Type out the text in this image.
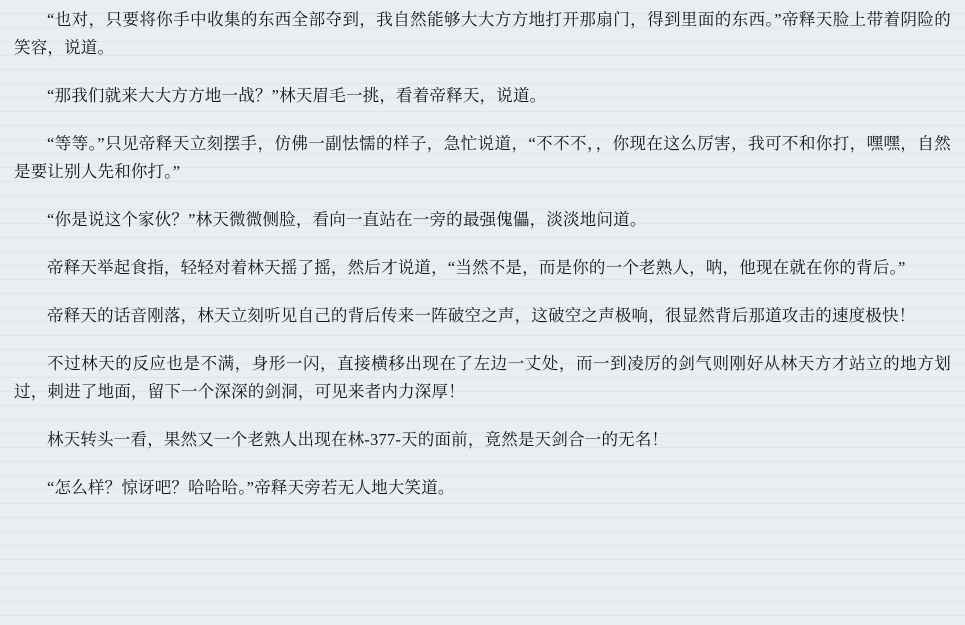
“也对，只要将你手中收集的东西全部夺到，我自然能够大大方方地打开那扇门，得到里面的东西。”帝释天脸上带着阴险的笑容，说道。

“那我们就来大大方方地一战？”林天眉毛一挑，看着帝释天，说道。

“等等。”只见帝释天立刻摆手，仿佛一副怯懦的样子，急忙说道，“不不不，，你现在这么厉害，我可不和你打，嘿嘿，自然是要让别人先和你打。”

“你是说这个家伙？”林天微微侧脸，看向一直站在一旁的最强傀儡，淡淡地问道。

帝释天举起食指，轻轻对着林天摇了摇，然后才说道，“当然不是，而是你的一个老熟人，呐，他现在就在你的背后。”

帝释天的话音刚落，林天立刻听见自己的背后传来一阵破空之声，这破空之声极响，很显然背后那道攻击的速度极快！

不过林天的反应也是不满，身形一闪，直接横移出现在了左边一丈处，而一到凌厉的剑气则刚好从林天方才站立的地方划过，刺进了地面，留下一个深深的剑洞，可见来者内力深厚！

林天转头一看，果然又一个老熟人出现在林-377-天的面前，竟然是天剑合一的无名！

“怎么样？惊讶吧？哈哈哈。”帝释天旁若无人地大笑道。
